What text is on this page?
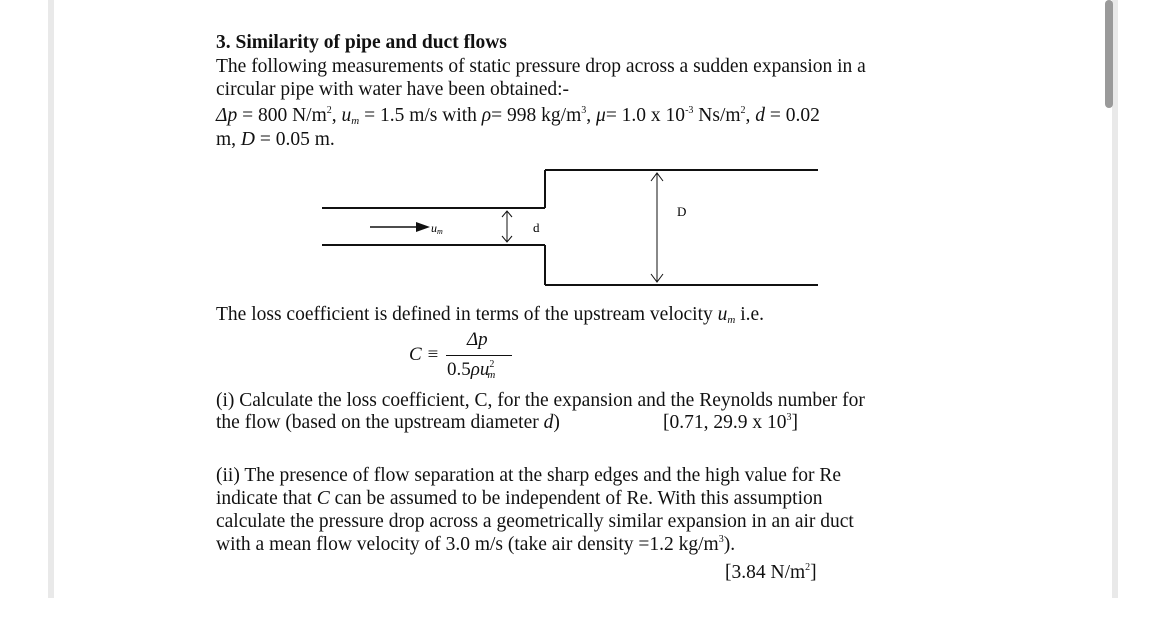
3. Similarity of pipe and duct flows
The following measurements of static pressure drop across a sudden expansion in a
circular pipe with water have been obtained:-
Δp = 800 $N/m^2$, $u_m = 1.5$ m/s with ρ= 998 $kg/m^3$, μ= 1.0 x $10^{-3}$ $Ns/m^2$, d = 0.02
m, D = 0.05 m.
The loss coefficient is defined in terms of the upstream velocity $u_m$ i.e.
C ≡
Δp
$0.5\rho u^2_m$
(i) Calculate the loss coefficient, C, for the expansion and the Reynolds number for
the flow (based on the upstream diameter d)	[0.71, 29.9 x $10^3$]
(ii) The presence of flow separation at the sharp edges and the high value for Re
indicate that C can be assumed to be independent of Re. With this assumption
calculate the pressure drop across a geometrically similar expansion in an air duct
with a mean flow velocity of 3.0 m/s (take air density =1.2 $kg/m^3$).
[3.84 $N/m^2$]
um	d
D
